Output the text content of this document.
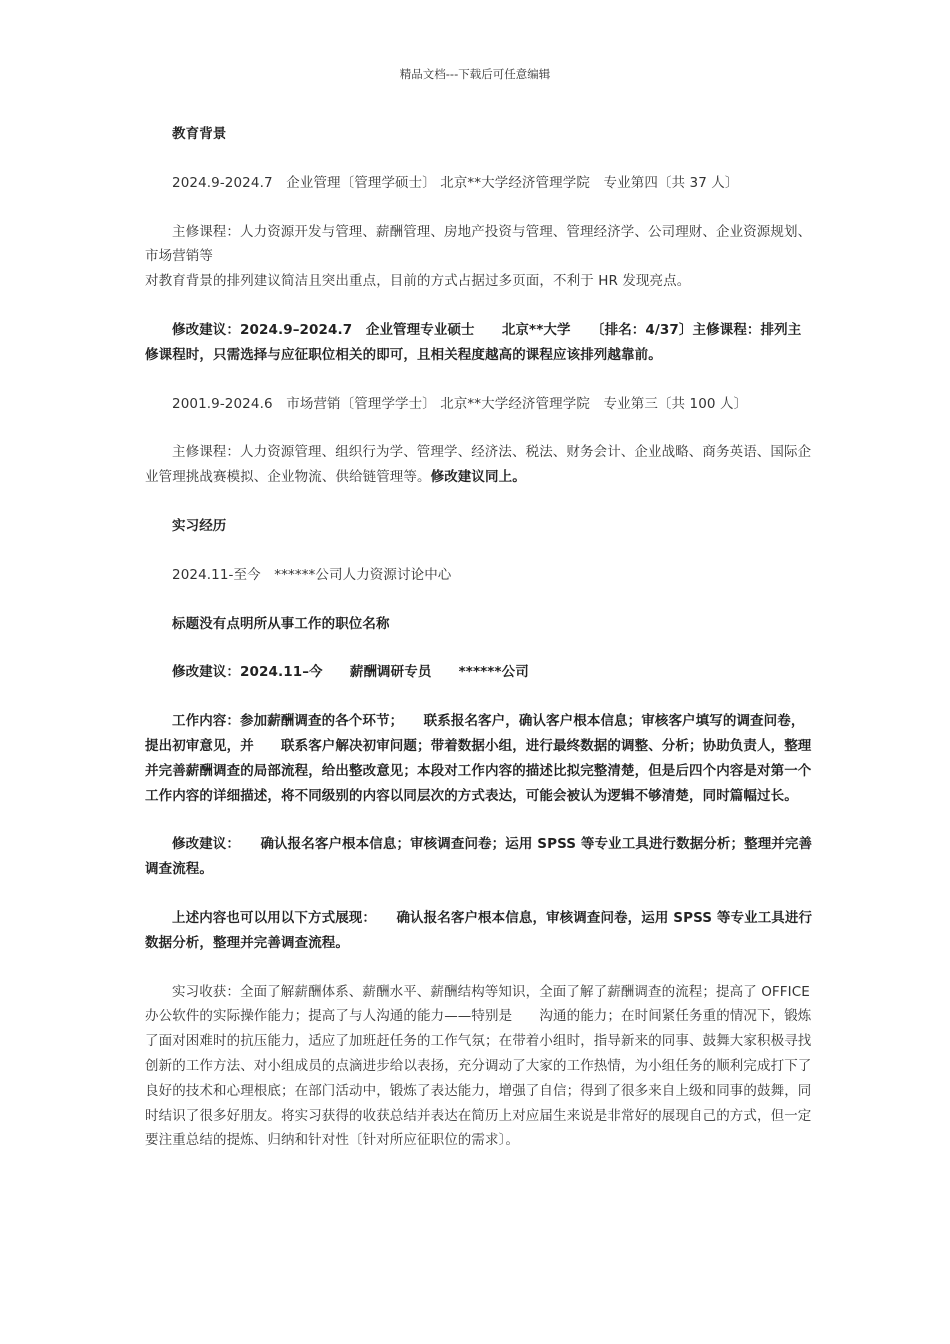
精品文档---下载后可任意编辑

教育背景

2024.9-2024.7　企业管理〔管理学硕士〕 北京**大学经济管理学院　专业第四〔共 37 人〕

主修课程：人力资源开发与管理、薪酬管理、房地产投资与管理、管理经济学、公司理财、企业资源规划、市场营销等

对教育背景的排列建议简洁且突出重点，目前的方式占据过多页面，不利于 HR 发现亮点。

修改建议：2024.9–2024.7　企业管理专业硕士　　北京**大学　　〔排名：4/37〕主修课程：排列主修课程时，只需选择与应征职位相关的即可，且相关程度越高的课程应该排列越靠前。

2001.9-2024.6　市场营销〔管理学学士〕 北京**大学经济管理学院　专业第三〔共 100 人〕

主修课程：人力资源管理、组织行为学、管理学、经济法、税法、财务会计、企业战略、商务英语、国际企业管理挑战赛模拟、企业物流、供给链管理等。修改建议同上。

实习经历

2024.11-至今　******公司人力资源讨论中心

标题没有点明所从事工作的职位名称

修改建议：2024.11–今　　薪酬调研专员　　******公司

工作内容：参加薪酬调查的各个环节；　　联系报名客户，确认客户根本信息；审核客户填写的调查问卷，提出初审意见，并　　联系客户解决初审问题；带着数据小组，进行最终数据的调整、分析；协助负责人，整理并完善薪酬调查的局部流程，给出整改意见；本段对工作内容的描述比拟完整清楚，但是后四个内容是对第一个工作内容的详细描述，将不同级别的内容以同层次的方式表达，可能会被认为逻辑不够清楚，同时篇幅过长。

修改建议：　　确认报名客户根本信息；审核调查问卷；运用 SPSS 等专业工具进行数据分析；整理并完善调查流程。

上述内容也可以用以下方式展现：　　确认报名客户根本信息，审核调查问卷，运用 SPSS 等专业工具进行数据分析，整理并完善调查流程。

实习收获：全面了解薪酬体系、薪酬水平、薪酬结构等知识，全面了解了薪酬调查的流程；提高了 OFFICE 办公软件的实际操作能力；提高了与人沟通的能力——特别是　　沟通的能力；在时间紧任务重的情况下，锻炼了面对困难时的抗压能力，适应了加班赶任务的工作气氛；在带着小组时，指导新来的同事、鼓舞大家积极寻找创新的工作方法、对小组成员的点滴进步给以表扬，充分调动了大家的工作热情，为小组任务的顺利完成打下了良好的技术和心理根底；在部门活动中，锻炼了表达能力，增强了自信；得到了很多来自上级和同事的鼓舞，同时结识了很多好朋友。将实习获得的收获总结并表达在简历上对应届生来说是非常好的展现自己的方式，但一定要注重总结的提炼、归纳和针对性〔针对所应征职位的需求〕。
